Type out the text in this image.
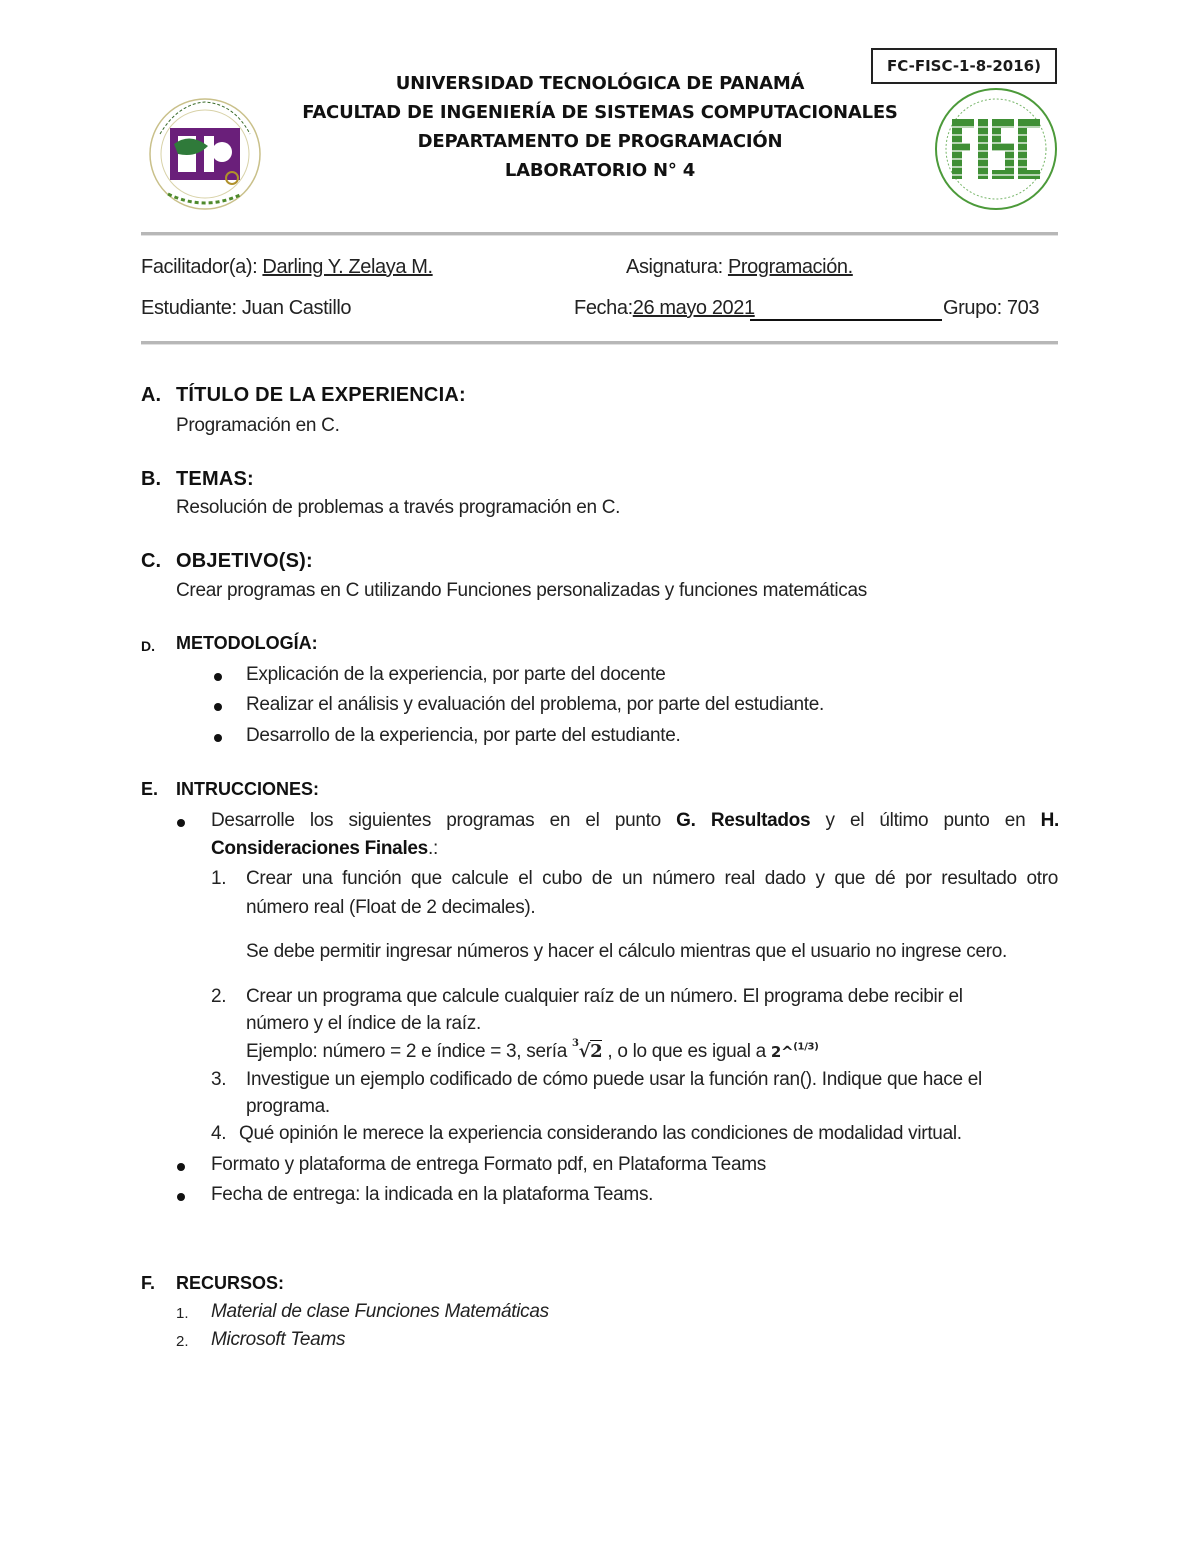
FC-FISC-1-8-2016)
UNIVERSIDAD TECNOLÓGICA DE PANAMÁ
FACULTAD DE INGENIERÍA DE SISTEMAS COMPUTACIONALES
DEPARTAMENTO DE PROGRAMACIÓN
LABORATORIO N° 4
Facilitador(a): Darling Y. Zelaya M.	Asignatura: Programación.
Estudiante: Juan Castillo	Fecha:26 mayo 2021	Grupo: 703
A. TÍTULO DE LA EXPERIENCIA:
Programación en C.
B. TEMAS:
Resolución de problemas a través programación en C.
C. OBJETIVO(S):
Crear programas en C utilizando Funciones personalizadas y funciones matemáticas
D. METODOLOGÍA:
Explicación de la experiencia, por parte del docente
Realizar el análisis y evaluación del problema, por parte del estudiante.
Desarrollo de la experiencia, por parte del estudiante.
E. INTRUCCIONES:
Desarrolle los siguientes programas en el punto G. Resultados y el último punto en H.
Consideraciones Finales.:
1. Crear una función que calcule el cubo de un número real dado y que dé por resultado otro
número real (Float de 2 decimales).
Se debe permitir ingresar números y hacer el cálculo mientras que el usuario no ingrese cero.
2. Crear un programa que calcule cualquier raíz de un número. El programa debe recibir el
número y el índice de la raíz.
Ejemplo: número = 2 e índice = 3, sería $^3$√2 , o lo que es igual a 2^$^{(1/3)}$
3. Investigue un ejemplo codificado de cómo puede usar la función ran(). Indique que hace el
programa.
4. Qué opinión le merece la experiencia considerando las condiciones de modalidad virtual.
Formato y plataforma de entrega Formato pdf, en Plataforma Teams
Fecha de entrega: la indicada en la plataforma Teams.
F. RECURSOS:
1. Material de clase Funciones Matemáticas
2. Microsoft Teams
